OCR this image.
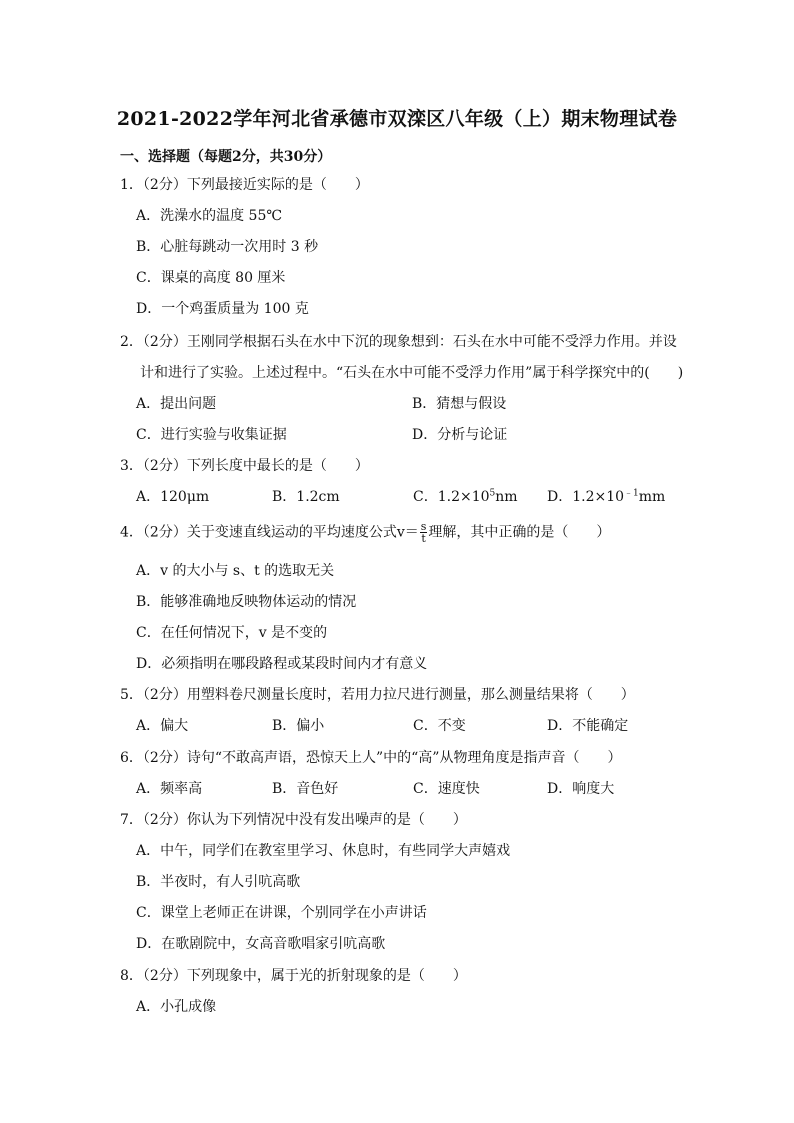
2021-2022学年河北省承德市双滦区八年级（上）期末物理试卷
一、选择题（每题2分，共30分）
1．（2分）下列最接近实际的是（　　）
A．洗澡水的温度 55℃
B．心脏每跳动一次用时 3 秒
C．课桌的高度 80 厘米
D．一个鸡蛋质量为 100 克
2．（2分）王刚同学根据石头在水中下沉的现象想到：石头在水中可能不受浮力作用。并设
计和进行了实验。上述过程中。“石头在水中可能不受浮力作用”属于科学探究中的(　　)
A．提出问题	B．猜想与假设
C．进行实验与收集证据	D．分析与论证
3．（2分）下列长度中最长的是（　　）
A．120μm	B．1.2cm	C．$1.2\times 10^5nm$ D．$1.2\times 10^{﹣1}mm$
4．（2分）关于变速直线运动的平均速度公式$v= \frac{s}{t}$ 理解，其中正确的是（　　）
A．v 的大小与 s、t 的选取无关
B．能够准确地反映物体运动的情况
C．在任何情况下，v 是不变的
D．必须指明在哪段路程或某段时间内才有意义
5．（2分）用塑料卷尺测量长度时，若用力拉尺进行测量，那么测量结果将（　　）
A．偏大	B．偏小	C．不变	D．不能确定
6．（2分）诗句“不敢高声语，恐惊天上人”中的“高”从物理角度是指声音（　　）
A．频率高	B．音色好	C．速度快	D．响度大
7．（2分）你认为下列情况中没有发出噪声的是（　　）
A．中午，同学们在教室里学习、休息时，有些同学大声嬉戏
B．半夜时，有人引吭高歌
C．课堂上老师正在讲课，个别同学在小声讲话
D．在歌剧院中，女高音歌唱家引吭高歌
8．（2分）下列现象中，属于光的折射现象的是（　　）
A．小孔成像
